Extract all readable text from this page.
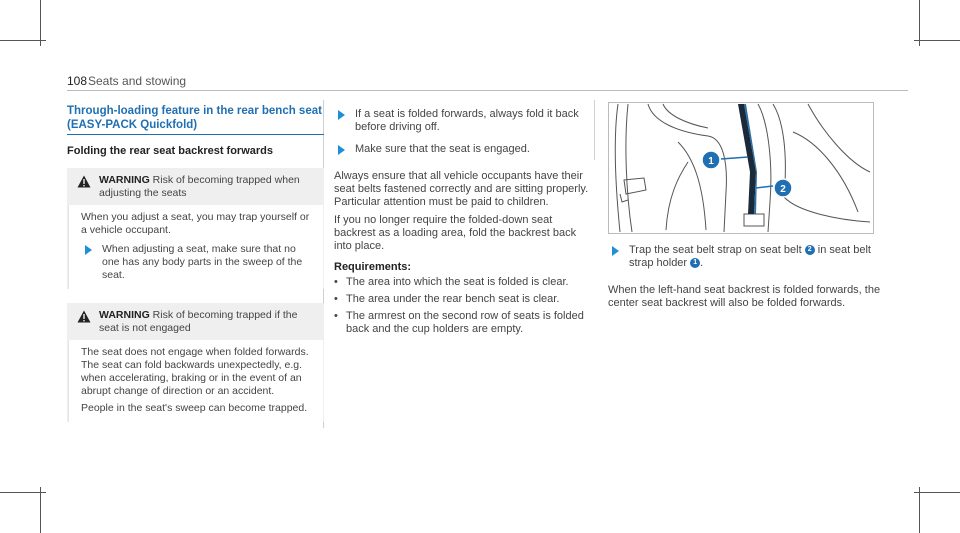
108 Seats and stowing
Through-loading feature in the rear bench seat
(EASY-PACK Quickfold)
Folding the rear seat backrest forwards
WARNING Risk of becoming trapped when adjusting the seats
When you adjust a seat, you may trap yourself or a vehicle occupant.
When adjusting a seat, make sure that no one has any body parts in the sweep of the seat.
WARNING Risk of becoming trapped if the seat is not engaged
The seat does not engage when folded forwards. The seat can fold backwards unexpectedly, e.g. when accelerating, braking or in the event of an abrupt change of direction or an accident.
People in the seat's sweep can become trapped.
If a seat is folded forwards, always fold it back before driving off.
Make sure that the seat is engaged.
Always ensure that all vehicle occupants have their seat belts fastened correctly and are sitting properly. Particular attention must be paid to children.
If you no longer require the folded-down seat backrest as a loading area, fold the backrest back into place.
Requirements:
• The area into which the seat is folded is clear.
• The area under the rear bench seat is clear.
• The armrest on the second row of seats is folded back and the cup holders are empty.
1
2
Trap the seat belt strap on seat belt 2 in seat belt strap holder 1 .
When the left-hand seat backrest is folded forwards, the center seat backrest will also be folded forwards.
